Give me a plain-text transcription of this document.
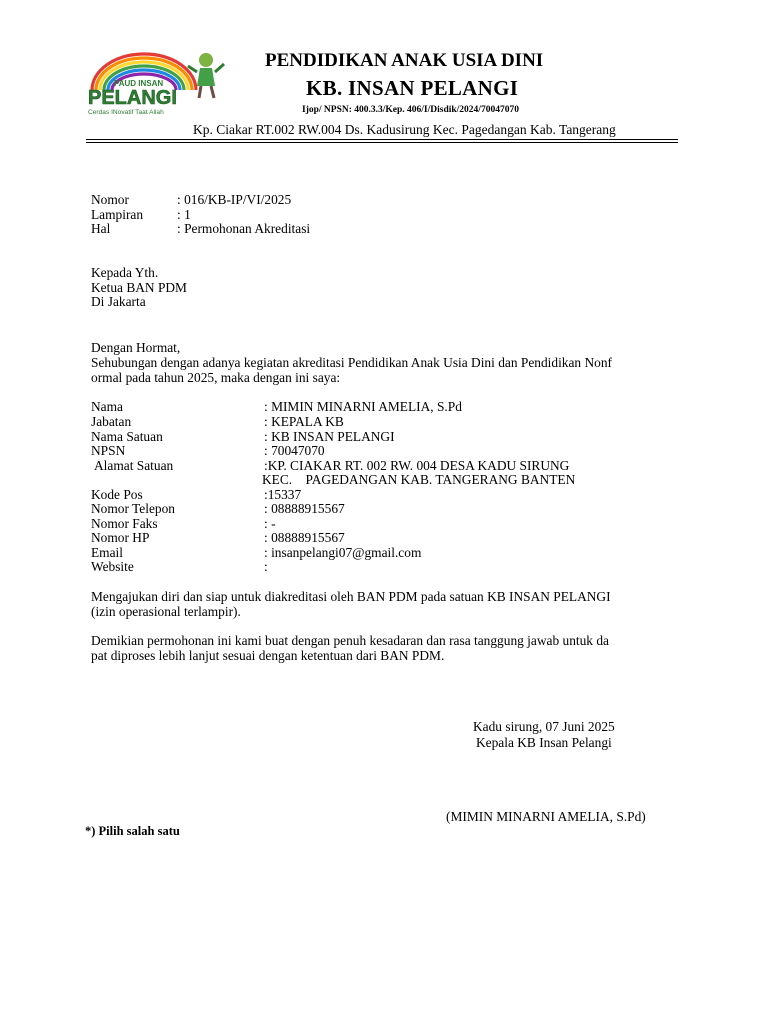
PAUD INSAN
PELANGI
Cerdas INovatif Taat Allah
PENDIDIKAN ANAK USIA DINI
KB. INSAN PELANGI
Ijop/ NPSN: 400.3.3/Kep. 406/I/Disdik/2024/70047070
Kp. Ciakar RT.002 RW.004 Ds. Kadusirung Kec. Pagedangan Kab. Tangerang
Nomor	: 016/KB-IP/VI/2025
Lampiran	: 1
Hal	: Permohonan Akreditasi
Kepada Yth.
Ketua BAN PDM
Di Jakarta
Dengan Hormat,
Sehubungan dengan adanya kegiatan akreditasi Pendidikan Anak Usia Dini dan Pendidikan Nonf
ormal pada tahun 2025, maka dengan ini saya:
Nama	: MIMIN MINARNI AMELIA, S.Pd
Jabatan	: KEPALA KB
Nama Satuan	: KB INSAN PELANGI
NPSN	: 70047070
Alamat Satuan	:KP. CIAKAR RT. 002 RW. 004 DESA KADU SIRUNG
KEC.    PAGEDANGAN KAB. TANGERANG BANTEN
Kode Pos	:15337
Nomor Telepon	: 08888915567
Nomor Faks	: -
Nomor HP	: 08888915567
Email	: insanpelangi07@gmail.com
Website	:
Mengajukan diri dan siap untuk diakreditasi oleh BAN PDM pada satuan KB INSAN PELANGI
(izin operasional terlampir).
Demikian permohonan ini kami buat dengan penuh kesadaran dan rasa tanggung jawab untuk da
pat diproses lebih lanjut sesuai dengan ketentuan dari BAN PDM.
Kadu sirung, 07 Juni 2025
Kepala KB Insan Pelangi
(MIMIN MINARNI AMELIA, S.Pd)
*) Pilih salah satu
